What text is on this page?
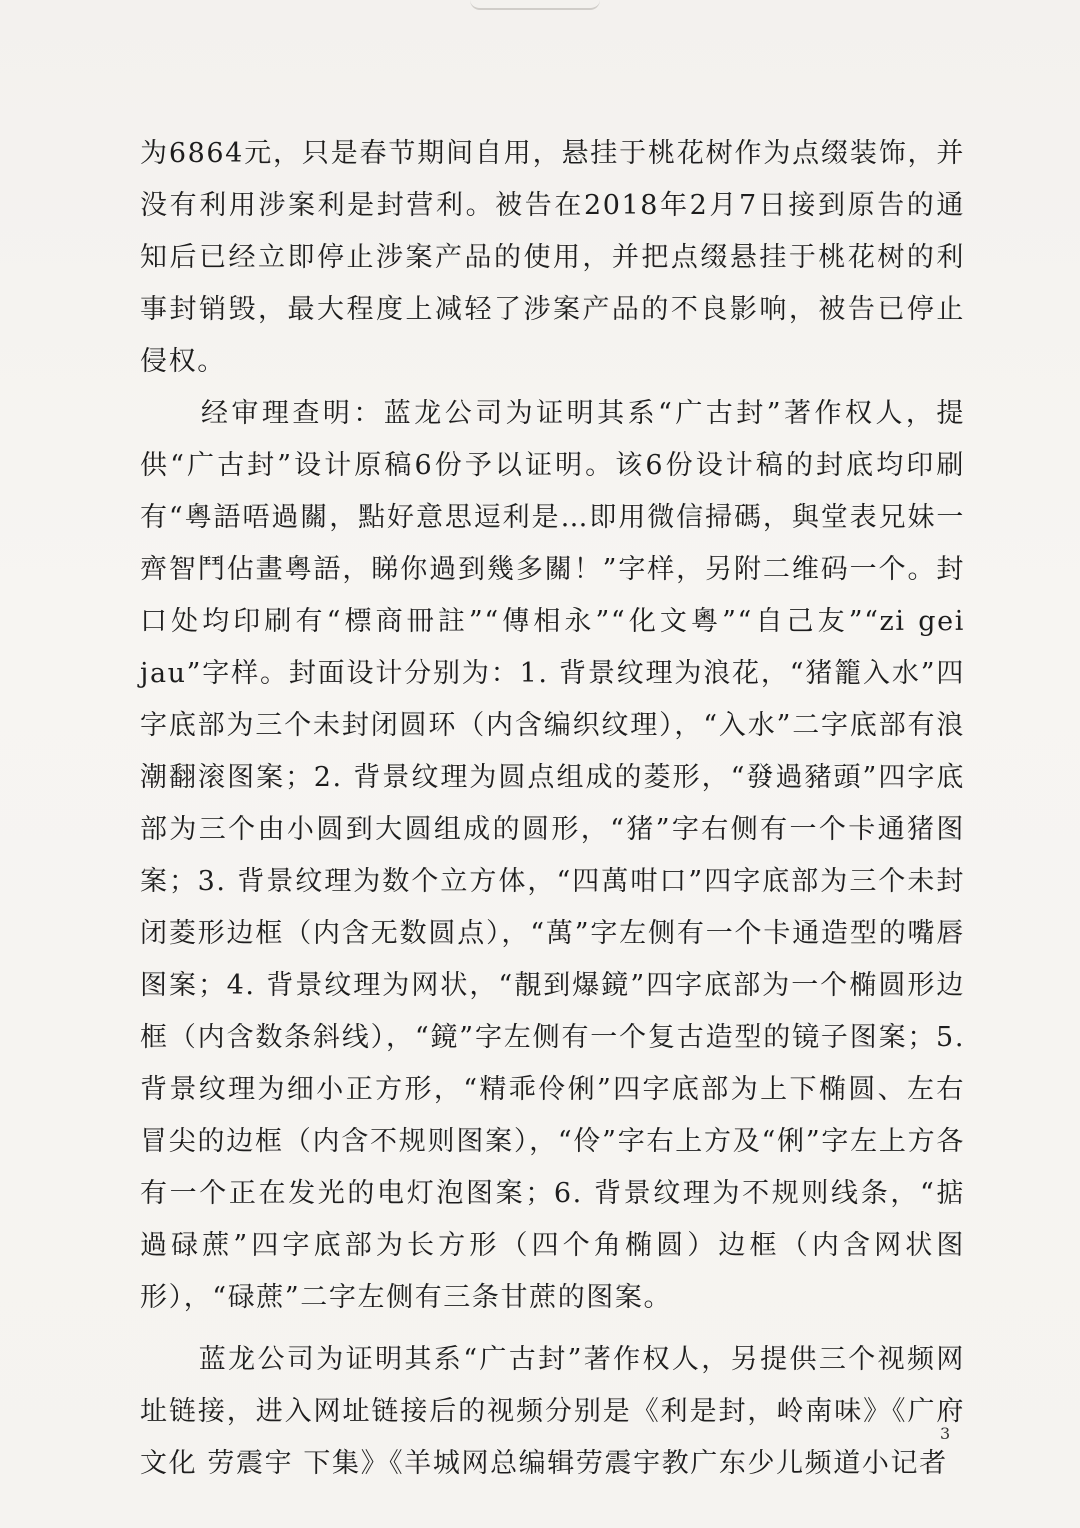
为6864元，只是春节期间自用，悬挂于桃花树作为点缀装饰，并没有利用涉案利是封营利。被告在2018年2月7日接到原告的通知后已经立即停止涉案产品的使用，并把点缀悬挂于桃花树的利事封销毁，最大程度上减轻了涉案产品的不良影响，被告已停止侵权。

　　经审理查明：蓝龙公司为证明其系“广古封”著作权人，提供“广古封”设计原稿6份予以证明。该6份设计稿的封底均印刷有“粵語唔過關，點好意思逗利是…即用微信掃碼，與堂表兄妹一齊智鬥佔畫粵語，睇你過到幾多關！”字样，另附二维码一个。封口处均印刷有“標商冊註”“傳相永”“化文粵”“自己友”“zi gei jau”字样。封面设计分别为：1. 背景纹理为浪花，“猪籠入水”四字底部为三个未封闭圆环（内含编织纹理），“入水”二字底部有浪潮翻滚图案；2. 背景纹理为圆点组成的菱形，“發過豬頭”四字底部为三个由小圆到大圆组成的圆形，“猪”字右侧有一个卡通猪图案；3. 背景纹理为数个立方体，“四萬咁口”四字底部为三个未封闭菱形边框（内含无数圆点），“萬”字左侧有一个卡通造型的嘴唇图案；4. 背景纹理为网状，“靚到爆鏡”四字底部为一个椭圆形边框（内含数条斜线），“鏡”字左侧有一个复古造型的镜子图案；5. 背景纹理为细小正方形，“精乖伶俐”四字底部为上下椭圆、左右冒尖的边框（内含不规则图案），“伶”字右上方及“俐”字左上方各有一个正在发光的电灯泡图案；6. 背景纹理为不规则线条，“掂過碌蔗”四字底部为长方形（四个角椭圆）边框（内含网状图形），“碌蔗”二字左侧有三条甘蔗的图案。

　　蓝龙公司为证明其系“广古封”著作权人，另提供三个视频网址链接，进入网址链接后的视频分别是《利是封，岭南味》《广府文化 劳震宇 下集》《羊城网总编辑劳震宇教广东少儿频道小记者

3
